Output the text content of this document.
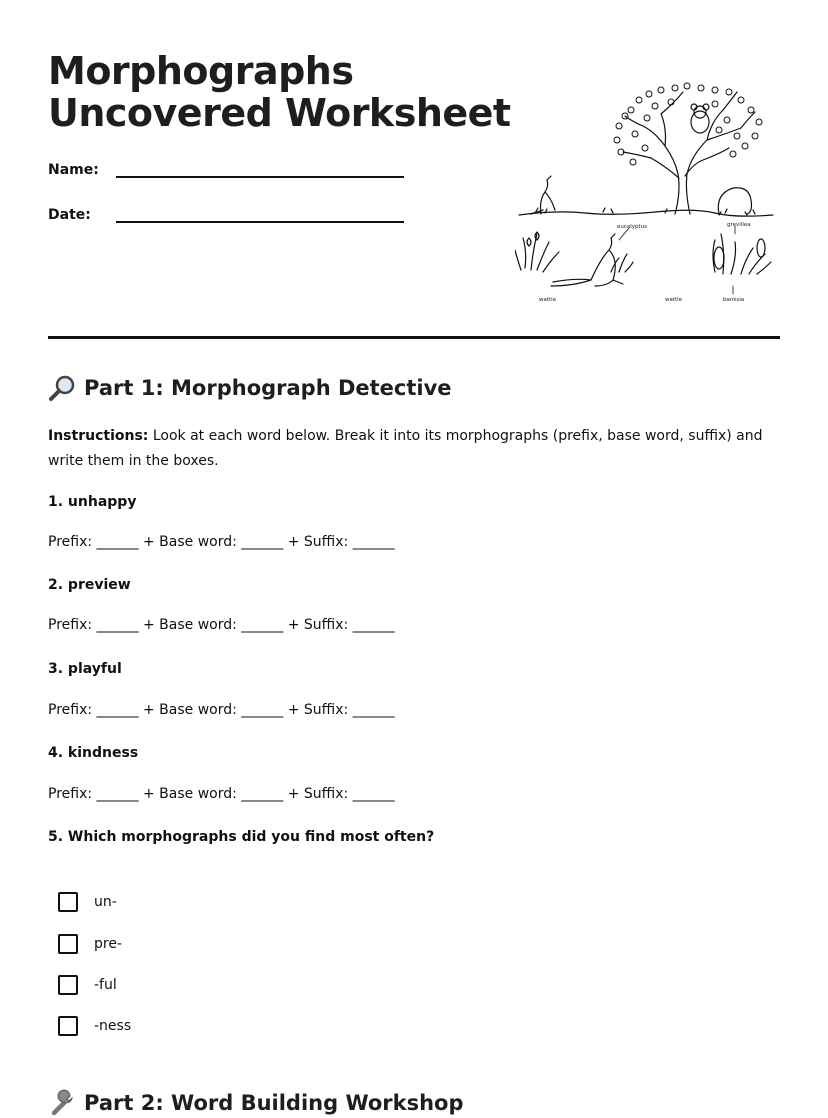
Morphographs
Uncovered Worksheet
Name:
Date:
eucalyptus	grevillea
wattle	wattle	banksia
Part 1: Morphograph Detective

Instructions: Look at each word below. Break it into its morphographs (prefix, base word, suffix) and write them in the boxes.

1. unhappy

Prefix: ______ + Base word: ______ + Suffix: ______

2. preview

Prefix: ______ + Base word: ______ + Suffix: ______

3. playful

Prefix: ______ + Base word: ______ + Suffix: ______

4. kindness

Prefix: ______ + Base word: ______ + Suffix: ______

5. Which morphographs did you find most often?

un-
pre-
-ful
-ness
Part 2: Word Building Workshop
